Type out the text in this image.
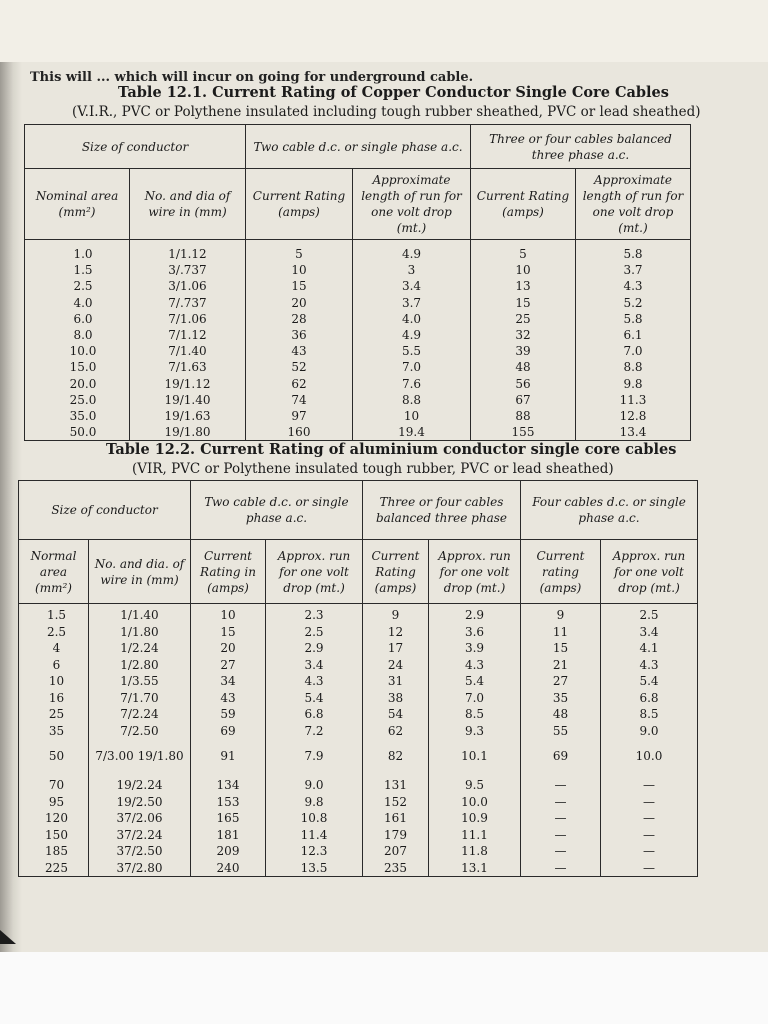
This will ... which will incur on going for underground cable.
Table 12.1. Current Rating of Copper Conductor Single Core Cables
(V.I.R., PVC or Polythene insulated including tough rubber sheathed, PVC or lead sheathed)
Size of conductor		Two cable d.c. or single phase a.c.		Three or four cables balanced three phase a.c.	
Nominal area (mm²)	No. and dia of wire in (mm)	Current Rating (amps)	Approximate length of run for one volt drop (mt.)	Current Rating (amps)	Approximate length of run for one volt drop (mt.)
1.0	1/1.12	5	4.9	5	5.8
1.5	3/.737	10	3	10	3.7
2.5	3/1.06	15	3.4	13	4.3
4.0	7/.737	20	3.7	15	5.2
6.0	7/1.06	28	4.0	25	5.8
8.0	7/1.12	36	4.9	32	6.1
10.0	7/1.40	43	5.5	39	7.0
15.0	7/1.63	52	7.0	48	8.8
20.0	19/1.12	62	7.6	56	9.8
25.0	19/1.40	74	8.8	67	11.3
35.0	19/1.63	97	10	88	12.8
50.0	19/1.80	160	19.4	155	13.4
Table 12.2. Current Rating of aluminium conductor single core cables
(VIR, PVC or Polythene insulated tough rubber, PVC or lead sheathed)
Size of conductor		Two cable d.c. or single phase a.c.		Three or four cables balanced three phase		Four cables d.c. or single phase a.c.	
Normal area (mm²)	No. and dia. of wire in (mm)	Current Rating in (amps)	Approx. run for one volt drop (mt.)	Current Rating (amps)	Approx. run for one volt drop (mt.)	Current rating (amps)	Approx. run for one volt drop (mt.)
1.5	1/1.40	10	2.3	9	2.9	9	2.5
2.5	1/1.80	15	2.5	12	3.6	11	3.4
4	1/2.24	20	2.9	17	3.9	15	4.1
6	1/2.80	27	3.4	24	4.3	21	4.3
10	1/3.55	34	4.3	31	5.4	27	5.4
16	7/1.70	43	5.4	38	7.0	35	6.8
25	7/2.24	59	6.8	54	8.5	48	8.5
35	7/2.50	69	7.2	62	9.3	55	9.0
50	7/3.00 19/1.80	91	7.9	82	10.1	69	10.0
70	19/2.24	134	9.0	131	9.5	—	—
95	19/2.50	153	9.8	152	10.0	—	—
120	37/2.06	165	10.8	161	10.9	—	—
150	37/2.24	181	11.4	179	11.1	—	—
185	37/2.50	209	12.3	207	11.8	—	—
225	37/2.80	240	13.5	235	13.1	—	—
